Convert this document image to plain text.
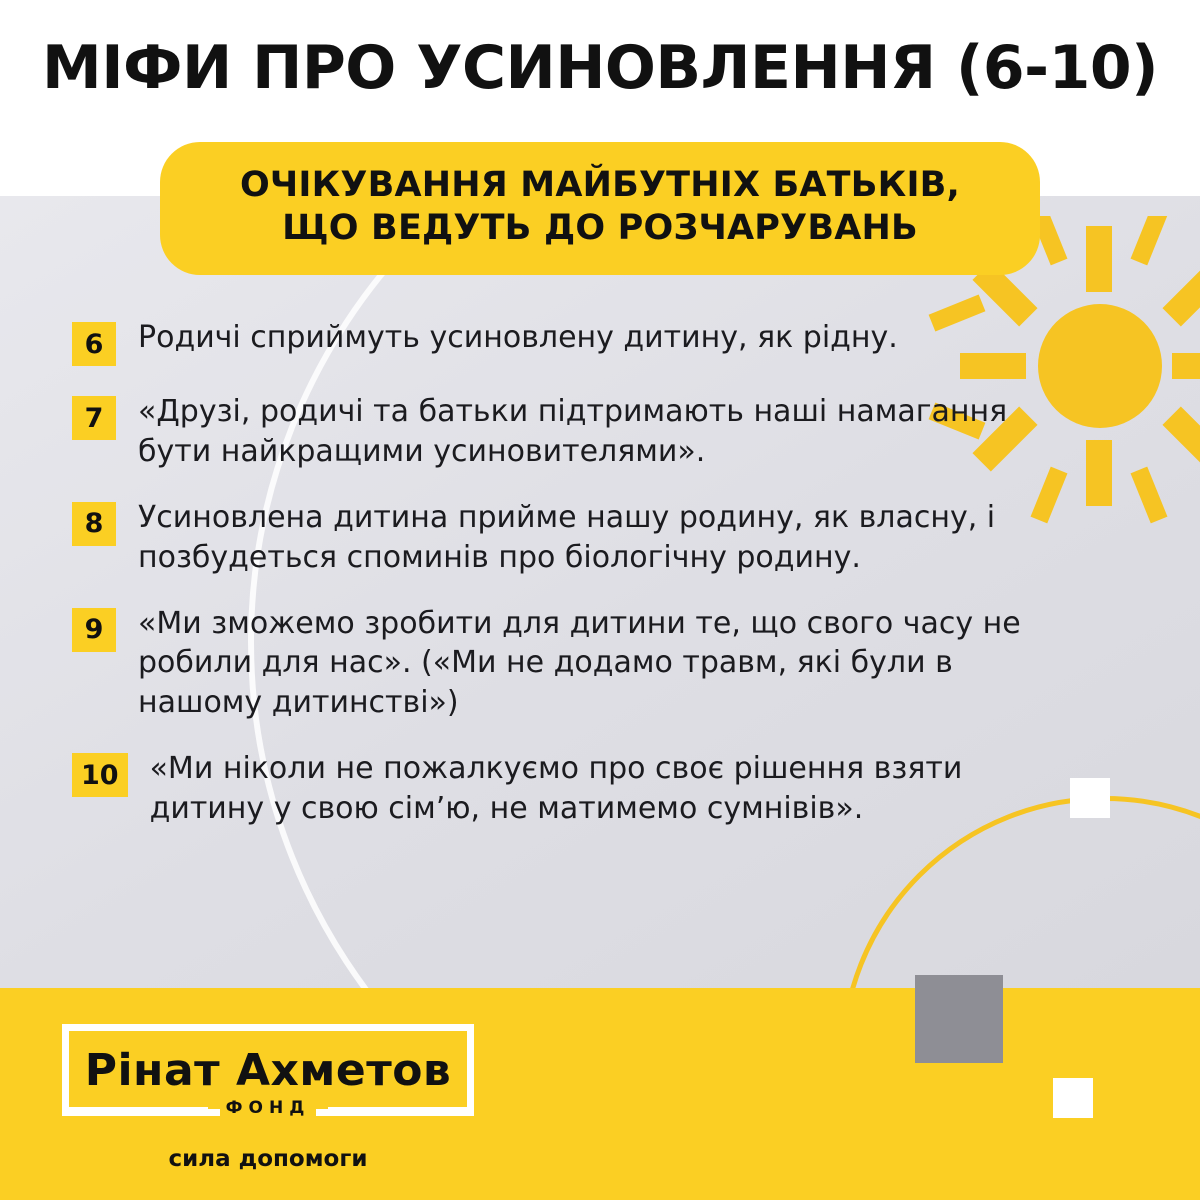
МІФИ ПРО УСИНОВЛЕННЯ (6-10)
ОЧІКУВАННЯ МАЙБУТНІХ БАТЬКІВ,
ЩО ВЕДУТЬ ДО РОЗЧАРУВАНЬ
6	Родичі сприймуть усиновлену дитину, як рідну.
7	«Друзі, родичі та батьки підтримають наші намагання бути найкращими усиновителями».
8	Усиновлена дитина прийме нашу родину, як власну, і позбудеться споминів про біологічну родину.
9	«Ми зможемо зробити для дитини те, що свого часу не робили для нас». («Ми не додамо травм, які були в нашому дитинстві»)
10	«Ми ніколи не пожалкуємо про своє рішення взяти дитину у свою сім’ю, не матимемо сумнівів».
Рінат Ахметов
ФОНД
сила допомоги
